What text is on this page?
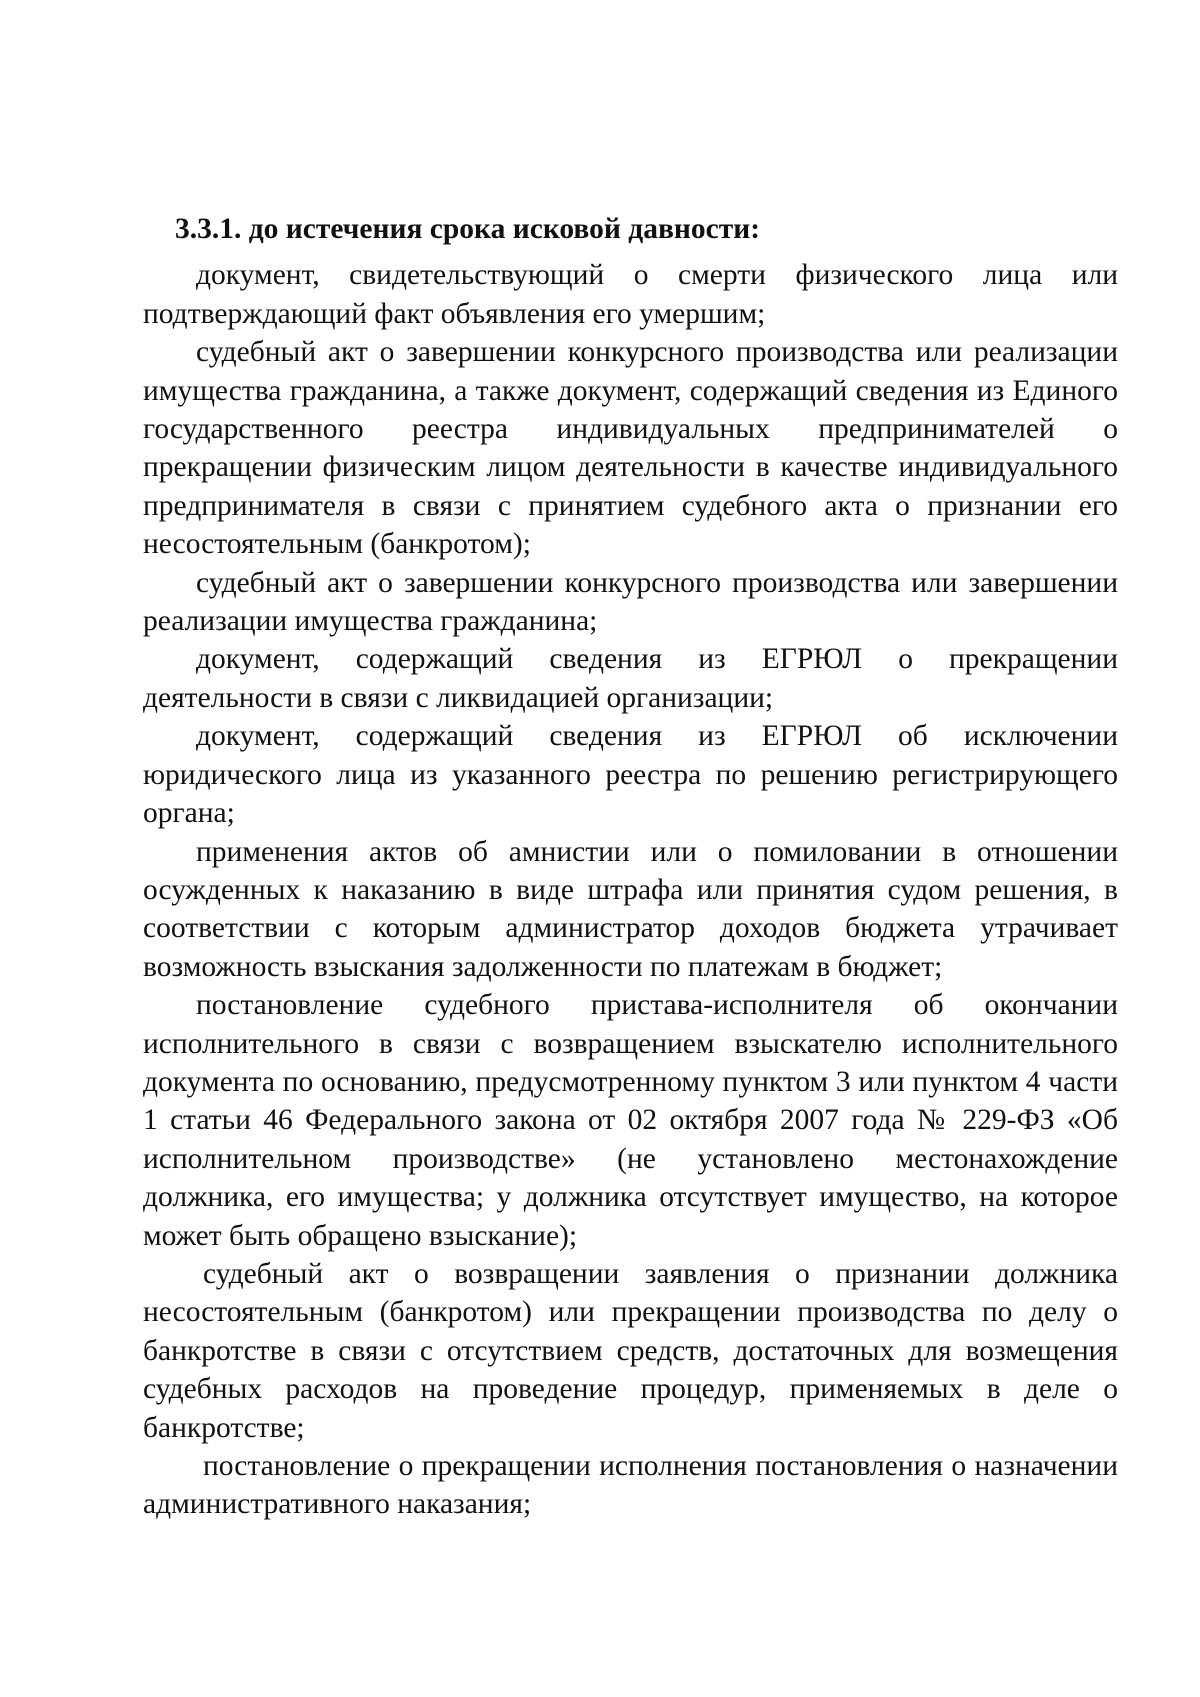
3.3.1. до истечения срока исковой давности:

документ, свидетельствующий о смерти физического лица или подтверждающий факт объявления его умершим;

судебный акт о завершении конкурсного производства или реализации имущества гражданина, а также документ, содержащий сведения из Единого государственного реестра индивидуальных предпринимателей о прекращении физическим лицом деятельности в качестве индивидуального предпринимателя в связи с принятием судебного акта о признании его несостоятельным (банкротом);

судебный акт о завершении конкурсного производства или завершении реализации имущества гражданина;

документ, содержащий сведения из ЕГРЮЛ о прекращении деятельности в связи с ликвидацией организации;

документ, содержащий сведения из ЕГРЮЛ об исключении юридического лица из указанного реестра по решению регистрирующего органа;

применения актов об амнистии или о помиловании в отношении осужденных к наказанию в виде штрафа или принятия судом решения, в соответствии с которым администратор доходов бюджета утрачивает возможность взыскания задолженности по платежам в бюджет;

постановление судебного пристава-исполнителя об окончании исполнительного в связи с возвращением взыскателю исполнительного документа по основанию, предусмотренному пунктом 3 или пунктом 4 части 1 статьи 46 Федерального закона от 02 октября 2007 года № 229-ФЗ «Об исполнительном производстве» (не установлено местонахождение должника, его имущества; у должника отсутствует имущество, на которое может быть обращено взыскание);

судебный акт о возвращении заявления о признании должника несостоятельным (банкротом) или прекращении производства по делу о банкротстве в связи с отсутствием средств, достаточных для возмещения судебных расходов на проведение процедур, применяемых в деле о банкротстве;

постановление о прекращении исполнения постановления о назначении административного наказания;
